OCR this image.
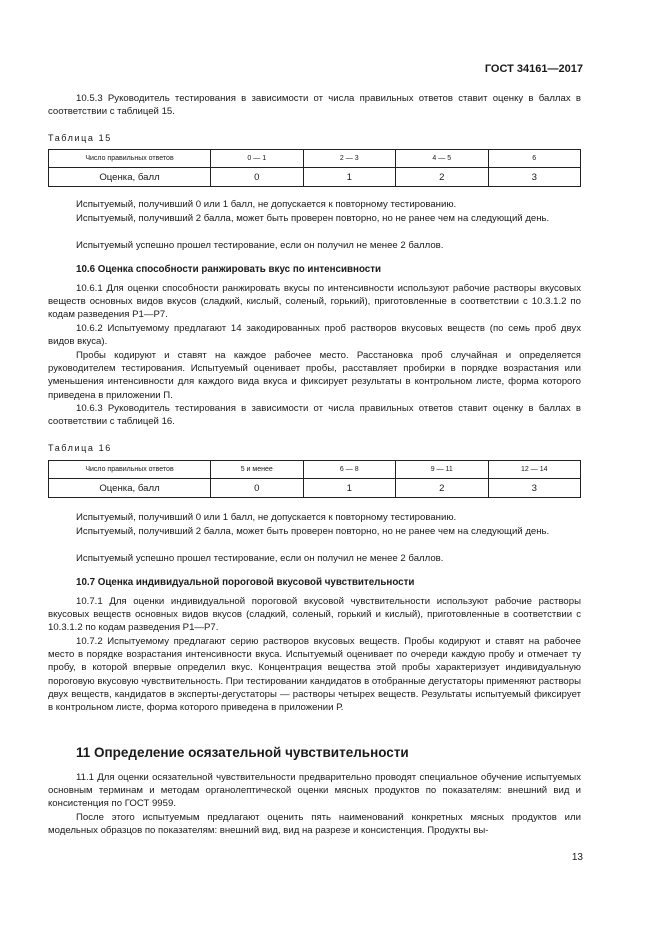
ГОСТ 34161—2017

10.5.3 Руководитель тестирования в зависимости от числа правильных ответов ставит оценку в баллах в соответствии с таблицей 15.

Таблица 15
Число правильных ответов	0 — 1	2 — 3	4 — 5	6
Оценка, балл	0	1	2	3

Испытуемый, получивший 0 или 1 балл, не допускается к повторному тестированию.

Испытуемый, получивший 2 балла, может быть проверен повторно, но не ранее чем на следующий день.

Испытуемый успешно прошел тестирование, если он получил не менее 2 баллов.

10.6 Оценка способности ранжировать вкус по интенсивности

10.6.1 Для оценки способности ранжировать вкусы по интенсивности используют рабочие растворы вкусовых веществ основных видов вкусов (сладкий, кислый, соленый, горький), приготовленные в соответствии с 10.3.1.2 по кодам разведения Р1—Р7.

10.6.2 Испытуемому предлагают 14 закодированных проб растворов вкусовых веществ (по семь проб двух видов вкуса).

Пробы кодируют и ставят на каждое рабочее место. Расстановка проб случайная и определяется руководителем тестирования. Испытуемый оценивает пробы, расставляет пробирки в порядке возрастания или уменьшения интенсивности для каждого вида вкуса и фиксирует результаты в контрольном листе, форма которого приведена в приложении П.

10.6.3 Руководитель тестирования в зависимости от числа правильных ответов ставит оценку в баллах в соответствии с таблицей 16.

Таблица 16
Число правильных ответов	5 и менее	6 — 8	9 — 11	12 — 14
Оценка, балл	0	1	2	3

Испытуемый, получивший 0 или 1 балл, не допускается к повторному тестированию.

Испытуемый, получивший 2 балла, может быть проверен повторно, но не ранее чем на следующий день.

Испытуемый успешно прошел тестирование, если он получил не менее 2 баллов.

10.7 Оценка индивидуальной пороговой вкусовой чувствительности

10.7.1 Для оценки индивидуальной пороговой вкусовой чувствительности используют рабочие растворы вкусовых веществ основных видов вкусов (сладкий, соленый, горький и кислый), приготовленные в соответствии с 10.3.1.2 по кодам разведения Р1—Р7.

10.7.2 Испытуемому предлагают серию растворов вкусовых веществ. Пробы кодируют и ставят на рабочее место в порядке возрастания интенсивности вкуса. Испытуемый оценивает по очереди каждую пробу и отмечает ту пробу, в которой впервые определил вкус. Концентрация вещества этой пробы характеризует индивидуальную пороговую вкусовую чувствительность. При тестировании кандидатов в отобранные дегустаторы применяют растворы двух веществ, кандидатов в эксперты-дегустаторы — растворы четырех веществ. Результаты испытуемый фиксирует в контрольном листе, форма которого приведена в приложении Р.

11 Определение осязательной чувствительности

11.1 Для оценки осязательной чувствительности предварительно проводят специальное обучение испытуемых основным терминам и методам органолептической оценки мясных продуктов по показателям: внешний вид и консистенция по ГОСТ 9959.

После этого испытуемым предлагают оценить пять наименований конкретных мясных продуктов или модельных образцов по показателям: внешний вид, вид на разрезе и консистенция. Продукты вы-

13
